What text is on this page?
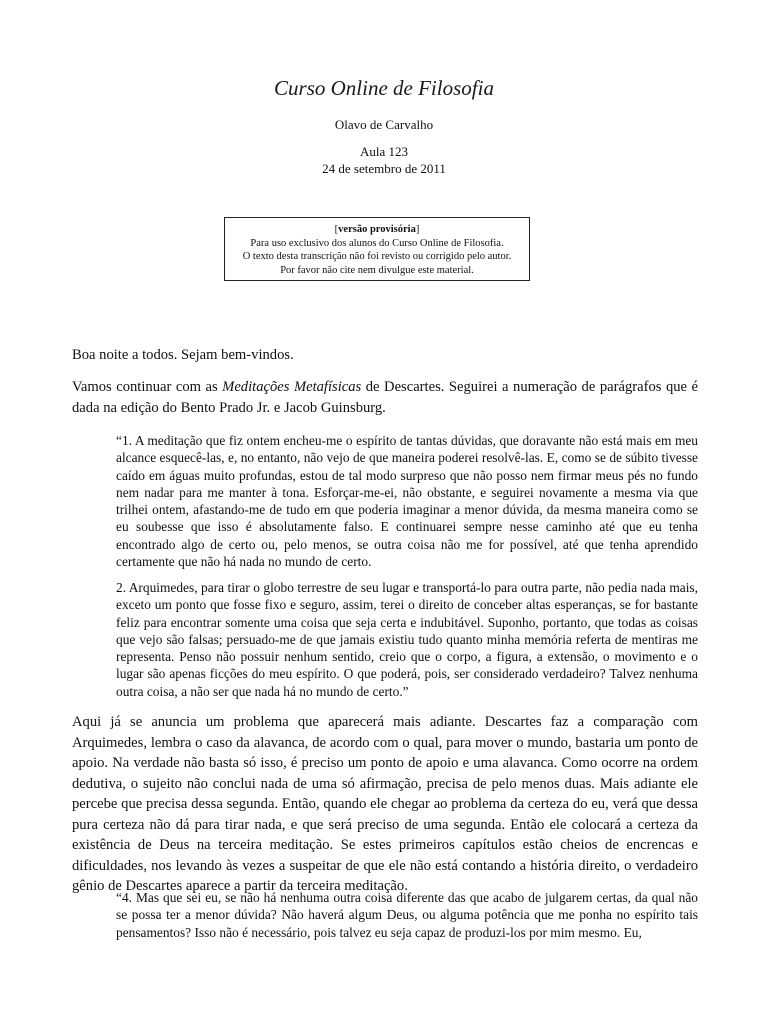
Curso Online de Filosofia
Olavo de Carvalho
Aula 123
24 de setembro de 2011
[versão provisória]
Para uso exclusivo dos alunos do Curso Online de Filosofia.
O texto desta transcrição não foi revisto ou corrigido pelo autor.
Por favor não cite nem divulgue este material.
Boa noite a todos. Sejam bem-vindos.
Vamos continuar com as Meditações Metafísicas de Descartes. Seguirei a numeração de parágrafos que é dada na edição do Bento Prado Jr. e Jacob Guinsburg.
“1. A meditação que fiz ontem encheu-me o espírito de tantas dúvidas, que doravante não está mais em meu alcance esquecê-las, e, no entanto, não vejo de que maneira poderei resolvê-las. E, como se de súbito tivesse caído em águas muito profundas, estou de tal modo surpreso que não posso nem firmar meus pés no fundo nem nadar para me manter à tona. Esforçar-me-ei, não obstante, e seguirei novamente a mesma via que trilhei ontem, afastando-me de tudo em que poderia imaginar a menor dúvida, da mesma maneira como se eu soubesse que isso é absolutamente falso. E continuarei sempre nesse caminho até que eu tenha encontrado algo de certo ou, pelo menos, se outra coisa não me for possível, até que tenha aprendido certamente que não há nada no mundo de certo.
2. Arquimedes, para tirar o globo terrestre de seu lugar e transportá-lo para outra parte, não pedia nada mais, exceto um ponto que fosse fixo e seguro, assim, terei o direito de conceber altas esperanças, se for bastante feliz para encontrar somente uma coisa que seja certa e indubitável. Suponho, portanto, que todas as coisas que vejo são falsas; persuado-me de que jamais existiu tudo quanto minha memória referta de mentiras me representa. Penso não possuir nenhum sentido, creio que o corpo, a figura, a extensão, o movimento e o lugar são apenas ficções do meu espírito. O que poderá, pois, ser considerado verdadeiro? Talvez nenhuma outra coisa, a não ser que nada há no mundo de certo.”
Aqui já se anuncia um problema que aparecerá mais adiante. Descartes faz a comparação com Arquimedes, lembra o caso da alavanca, de acordo com o qual, para mover o mundo, bastaria um ponto de apoio. Na verdade não basta só isso, é preciso um ponto de apoio e uma alavanca. Como ocorre na ordem dedutiva, o sujeito não conclui nada de uma só afirmação, precisa de pelo menos duas. Mais adiante ele percebe que precisa dessa segunda. Então, quando ele chegar ao problema da certeza do eu, verá que dessa pura certeza não dá para tirar nada, e que será preciso de uma segunda. Então ele colocará a certeza da existência de Deus na terceira meditação. Se estes primeiros capítulos estão cheios de encrencas e dificuldades, nos levando às vezes a suspeitar de que ele não está contando a história direito, o verdadeiro gênio de Descartes aparece a partir da terceira meditação.
“4. Mas que sei eu, se não há nenhuma outra coisa diferente das que acabo de julgarem certas, da qual não se possa ter a menor dúvida? Não haverá algum Deus, ou alguma potência que me ponha no espírito tais pensamentos? Isso não é necessário, pois talvez eu seja capaz de produzi-los por mim mesmo. Eu,
